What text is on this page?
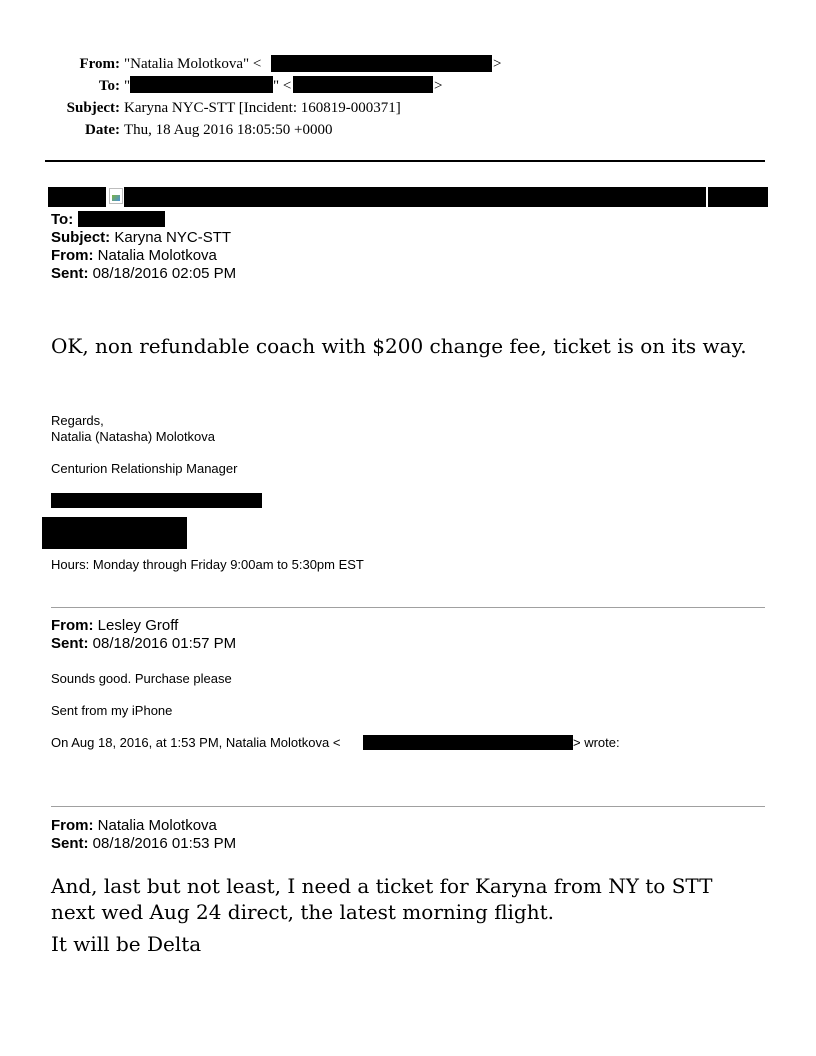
From: "Natalia Molotkova" <	>
To: "	" <	>
Subject: Karyna NYC-STT [Incident: 160819-000371]
Date: Thu, 18 Aug 2016 18:05:50 +0000
To:
Subject: Karyna NYC-STT
From: Natalia Molotkova
Sent: 08/18/2016 02:05 PM
OK, non refundable coach with $200 change fee, ticket is on its way.
Regards,
Natalia (Natasha) Molotkova
Centurion Relationship Manager
Hours: Monday through Friday 9:00am to 5:30pm EST
From: Lesley Groff
Sent: 08/18/2016 01:57 PM
Sounds good. Purchase please
Sent from my iPhone
On Aug 18, 2016, at 1:53 PM, Natalia Molotkova <	> wrote:
From: Natalia Molotkova
Sent: 08/18/2016 01:53 PM
And, last but not least, I need a ticket for Karyna from NY to STT
next wed Aug 24 direct, the latest morning flight.
It will be Delta
